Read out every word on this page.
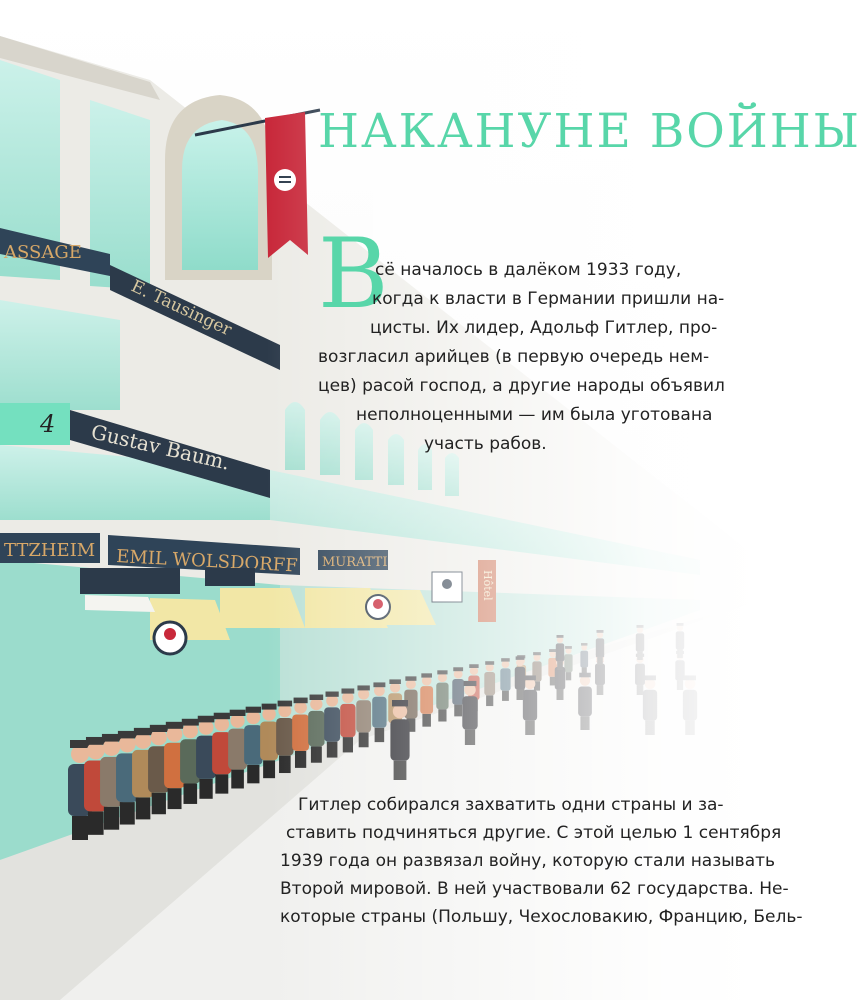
4
НАКАНУНЕ ВОЙНЫ
В
сё началось в далёком 1933 году,
когда к власти в Германии пришли на-
цисты. Их лидер, Адольф Гитлер, про-
возгласил арийцев (в первую очередь нем-
цев) расой господ, а другие народы объявил
неполноценными — им была уготована
участь рабов.
Гитлер собирался захватить одни страны и за-
ставить подчиняться другие. С этой целью 1 сентября
1939 года он развязал войну, которую стали называть
Второй мировой. В ней участвовали 62 государства. Не-
которые страны (Польшу, Чехословакию, Францию, Бель-
